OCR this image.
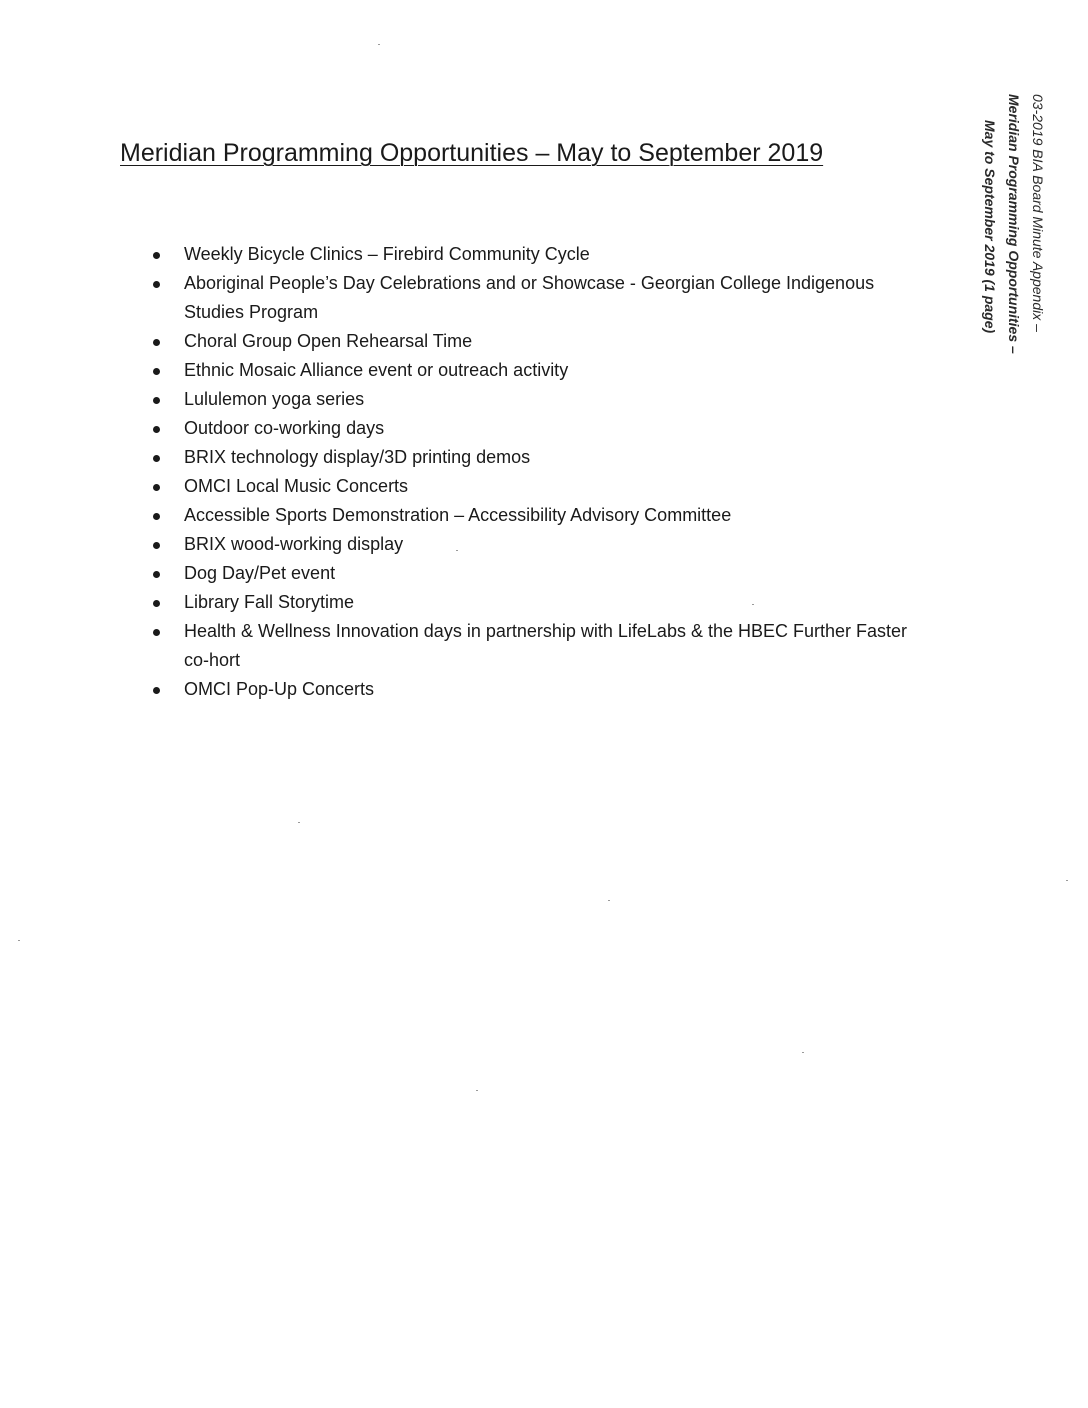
Meridian Programming Opportunities – May to September 2019
Weekly Bicycle Clinics – Firebird Community Cycle
Aboriginal People’s Day Celebrations and or Showcase - Georgian College Indigenous Studies Program
Choral Group Open Rehearsal Time
Ethnic Mosaic Alliance event or outreach activity
Lululemon yoga series
Outdoor co-working days
BRIX technology display/3D printing demos
OMCI Local Music Concerts
Accessible Sports Demonstration – Accessibility Advisory Committee
BRIX wood-working display
Dog Day/Pet event
Library Fall Storytime
Health & Wellness Innovation days in partnership with LifeLabs & the HBEC Further Faster co-hort
OMCI Pop-Up Concerts
03-2019 BIA Board Minute Appendix –
Meridian Programming Opportunities –
May to September 2019 (1 page)
